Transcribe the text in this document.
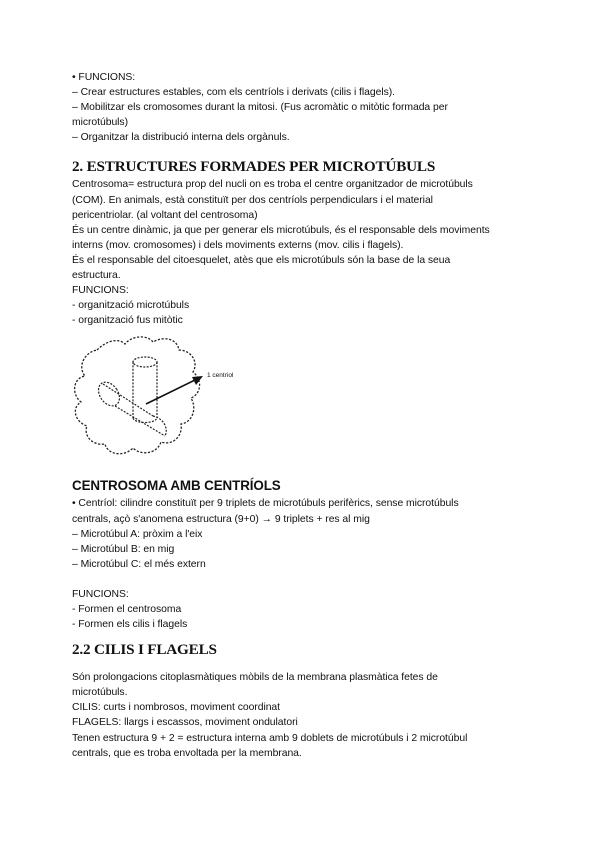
• FUNCIONS:
– Crear estructures estables, com els centríols i derivats (cilis i flagels).
– Mobilitzar els cromosomes durant la mitosi. (Fus acromàtic o mitòtic formada per
microtúbuls)
– Organitzar la distribució interna dels orgànuls.
2. ESTRUCTURES FORMADES PER MICROTÚBULS
Centrosoma= estructura prop del nucli on es troba el centre organitzador de microtúbuls
(COM). En animals, està constituït per dos centríols perpendiculars i el material
pericentriolar. (al voltant del centrosoma)
És un centre dinàmic, ja que per generar els microtúbuls, és el responsable dels moviments
interns (mov. cromosomes) i dels moviments externs (mov. cilis i flagels).
És el responsable del citoesquelet, atès que els microtúbuls són la base de la seua
estructura.
FUNCIONS:
- organització microtúbuls
- organització fus mitòtic
1 centriol
CENTROSOMA AMB CENTRÍOLS
• Centríol: cilindre constituït per 9 triplets de microtúbuls perifèrics, sense microtúbuls
centrals, açò s'anomena estructura (9+0) → 9 triplets + res al mig
– Microtúbul A: pròxim a l'eix
– Microtúbul B: en mig
– Microtúbul C: el més extern
FUNCIONS:
- Formen el centrosoma
- Formen els cilis i flagels
2.2 CILIS I FLAGELS
Són prolongacions citoplasmàtiques mòbils de la membrana plasmàtica fetes de
microtúbuls.
CILIS: curts i nombrosos, moviment coordinat
FLAGELS: llargs i escassos, moviment ondulatori
Tenen estructura 9 + 2 = estructura interna amb 9 doblets de microtúbuls i 2 microtúbul
centrals, que es troba envoltada per la membrana.
